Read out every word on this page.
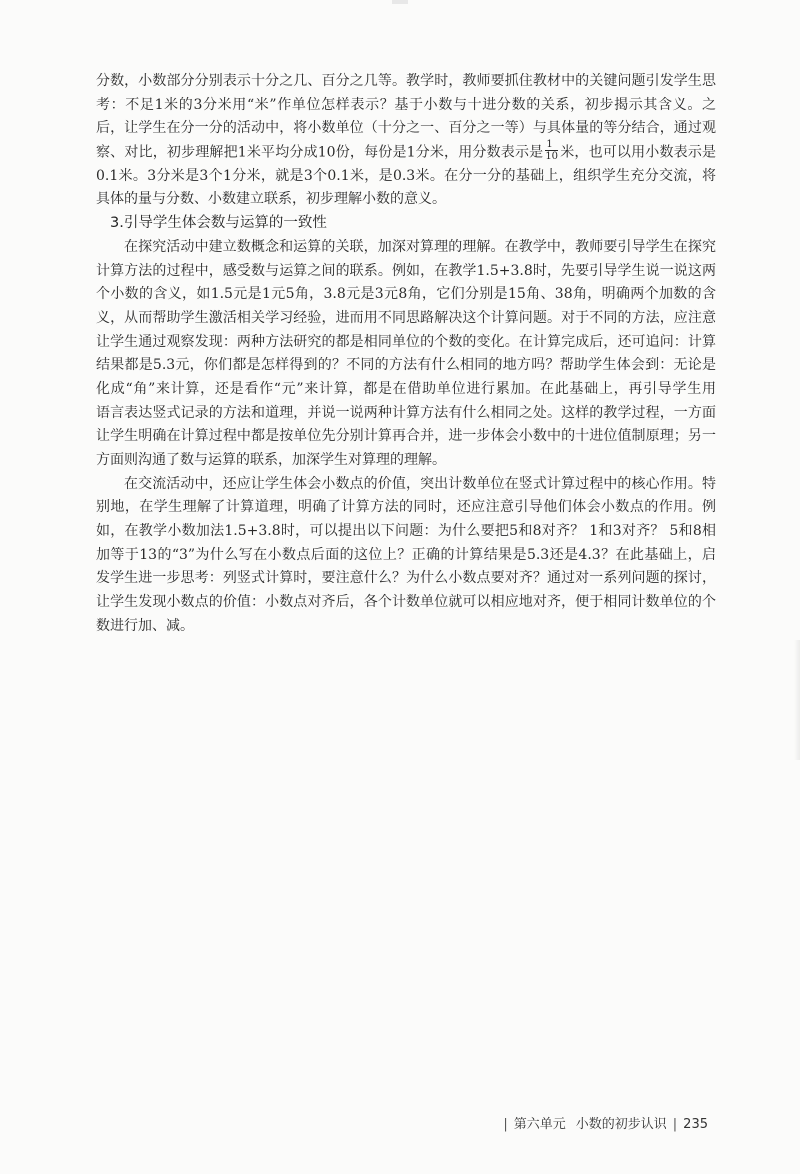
分数，小数部分分别表示十分之几、百分之几等。教学时，教师要抓住教材中的关键问题引发学生思
考：不足1米的3分米用“米”作单位怎样表示？基于小数与十进分数的关系，初步揭示其含义。之
后，让学生在分一分的活动中，将小数单位（十分之一、百分之一等）与具体量的等分结合，通过观
察、对比，初步理解把1米平均分成10份，每份是1分米，用分数表示是 $\frac{1}{10}$ 米，也可以用小数表示是
0.1米。3分米是3个1分米，就是3个0.1米，是0.3米。在分一分的基础上，组织学生充分交流，将
具体的量与分数、小数建立联系，初步理解小数的意义。
3.引导学生体会数与运算的一致性
在探究活动中建立数概念和运算的关联，加深对算理的理解。在教学中，教师要引导学生在探究
计算方法的过程中，感受数与运算之间的联系。例如，在教学1.5+3.8时，先要引导学生说一说这两
个小数的含义，如1.5元是1元5角，3.8元是3元8角，它们分别是15角、38角，明确两个加数的含
义，从而帮助学生激活相关学习经验，进而用不同思路解决这个计算问题。对于不同的方法，应注意
让学生通过观察发现：两种方法研究的都是相同单位的个数的变化。在计算完成后，还可追问：计算
结果都是5.3元，你们都是怎样得到的？不同的方法有什么相同的地方吗？帮助学生体会到：无论是
化成“角”来计算，还是看作“元”来计算，都是在借助单位进行累加。在此基础上，再引导学生用
语言表达竖式记录的方法和道理，并说一说两种计算方法有什么相同之处。这样的教学过程，一方面
让学生明确在计算过程中都是按单位先分别计算再合并，进一步体会小数中的十进位值制原理；另一
方面则沟通了数与运算的联系，加深学生对算理的理解。
在交流活动中，还应让学生体会小数点的价值，突出计数单位在竖式计算过程中的核心作用。特
别地，在学生理解了计算道理，明确了计算方法的同时，还应注意引导他们体会小数点的作用。例
如，在教学小数加法1.5+3.8时，可以提出以下问题：为什么要把5和8对齐？ 1和3对齐？ 5和8相
加等于13的“3”为什么写在小数点后面的这位上？正确的计算结果是5.3还是4.3？在此基础上，启
发学生进一步思考：列竖式计算时，要注意什么？为什么小数点要对齐？通过对一系列问题的探讨，
让学生发现小数点的价值：小数点对齐后，各个计数单位就可以相应地对齐，便于相同计数单位的个
数进行加、减。
| 第六单元 小数的初步认识 | 235
